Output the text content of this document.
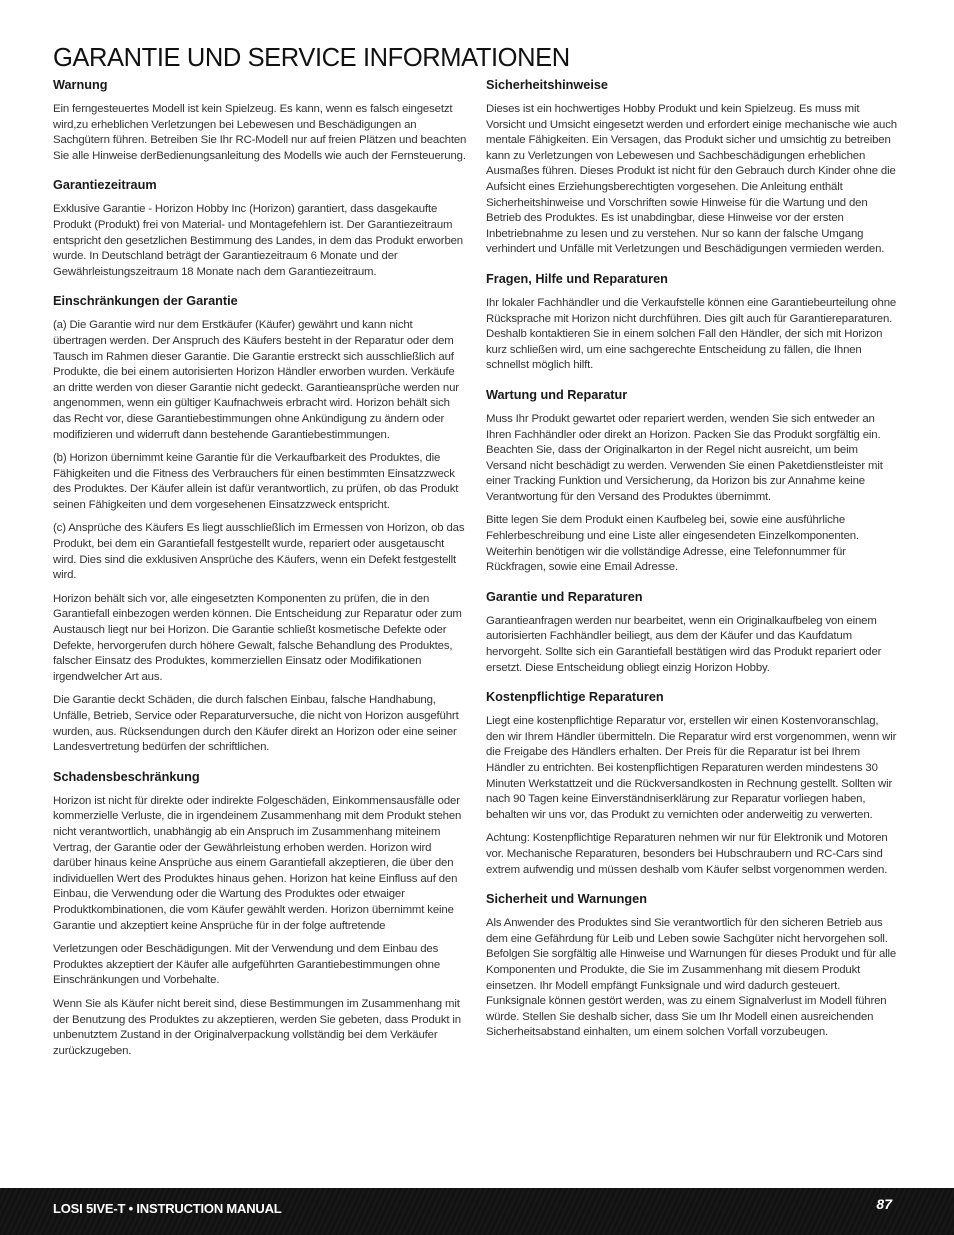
GARANTIE UND SERVICE INFORMATIONEN
Warnung

Ein ferngesteuertes Modell ist kein Spielzeug. Es kann, wenn es falsch eingesetzt wird,zu erheblichen Verletzungen bei Lebewesen und Beschädigungen an Sachgütern führen. Betreiben Sie Ihr RC-Modell nur auf freien Plätzen und beachten Sie alle Hinweise derBedienungsanleitung des Modells wie auch der Fernsteuerung.

Garantiezeitraum

Exklusive Garantie - Horizon Hobby Inc (Horizon) garantiert, dass dasgekaufte Produkt (Produkt) frei von Material- und Montagefehlern ist. Der Garantiezeitraum entspricht den gesetzlichen Bestimmung des Landes, in dem das Produkt erworben wurde. In Deutschland beträgt der Garantiezeitraum 6 Monate und der Gewährleistungszeitraum 18 Monate nach dem Garantiezeitraum.

Einschränkungen der Garantie

(a) Die Garantie wird nur dem Erstkäufer (Käufer) gewährt und kann nicht übertragen werden. Der Anspruch des Käufers besteht in der Reparatur oder dem Tausch im Rahmen dieser Garantie. Die Garantie erstreckt sich ausschließlich auf Produkte, die bei einem autorisierten Horizon Händler erworben wurden. Verkäufe an dritte werden von dieser Garantie nicht gedeckt. Garantieansprüche werden nur angenommen, wenn ein gültiger Kaufnachweis erbracht wird. Horizon behält sich das Recht vor, diese Garantiebestimmungen ohne Ankündigung zu ändern oder modifizieren und widerruft dann bestehende Garantiebestimmungen.

(b) Horizon übernimmt keine Garantie für die Verkaufbarkeit des Produktes, die Fähigkeiten und die Fitness des Verbrauchers für einen bestimmten Einsatzzweck des Produktes. Der Käufer allein ist dafür verantwortlich, zu prüfen, ob das Produkt seinen Fähigkeiten und dem vorgesehenen Einsatzzweck entspricht.

(c) Ansprüche des Käufers Es liegt ausschließlich im Ermessen von Horizon, ob das Produkt, bei dem ein Garantiefall festgestellt wurde, repariert oder ausgetauscht wird. Dies sind die exklusiven Ansprüche des Käufers, wenn ein Defekt festgestellt wird.

Horizon behält sich vor, alle eingesetzten Komponenten zu prüfen, die in den Garantiefall einbezogen werden können. Die Entscheidung zur Reparatur oder zum Austausch liegt nur bei Horizon. Die Garantie schließt kosmetische Defekte oder Defekte, hervorgerufen durch höhere Gewalt, falsche Behandlung des Produktes, falscher Einsatz des Produktes, kommerziellen Einsatz oder Modifikationen irgendwelcher Art aus.

Die Garantie deckt Schäden, die durch falschen Einbau, falsche Handhabung, Unfälle, Betrieb, Service oder Reparaturversuche, die nicht von Horizon ausgeführt wurden, aus. Rücksendungen durch den Käufer direkt an Horizon oder eine seiner Landesvertretung bedürfen der schriftlichen.

Schadensbeschränkung

Horizon ist nicht für direkte oder indirekte Folgeschäden, Einkommensausfälle oder kommerzielle Verluste, die in irgendeinem Zusammenhang mit dem Produkt stehen nicht verantwortlich, unabhängig ab ein Anspruch im Zusammenhang miteinem Vertrag, der Garantie oder der Gewährleistung erhoben werden. Horizon wird darüber hinaus keine Ansprüche aus einem Garantiefall akzeptieren, die über den individuellen Wert des Produktes hinaus gehen. Horizon hat keine Einfluss auf den Einbau, die Verwendung oder die Wartung des Produktes oder etwaiger Produktkombinationen, die vom Käufer gewählt werden. Horizon übernimmt keine Garantie und akzeptiert keine Ansprüche für in der folge auftretende

Verletzungen oder Beschädigungen. Mit der Verwendung und dem Einbau des Produktes akzeptiert der Käufer alle aufgeführten Garantiebestimmungen ohne Einschränkungen und Vorbehalte.

Wenn Sie als Käufer nicht bereit sind, diese Bestimmungen im Zusammenhang mit der Benutzung des Produktes zu akzeptieren, werden Sie gebeten, dass Produkt in unbenutztem Zustand in der Originalverpackung vollständig bei dem Verkäufer zurückzugeben.

Sicherheitshinweise

Dieses ist ein hochwertiges Hobby Produkt und kein Spielzeug. Es muss mit Vorsicht und Umsicht eingesetzt werden und erfordert einige mechanische wie auch mentale Fähigkeiten. Ein Versagen, das Produkt sicher und umsichtig zu betreiben kann zu Verletzungen von Lebewesen und Sachbeschädigungen erheblichen Ausmaßes führen. Dieses Produkt ist nicht für den Gebrauch durch Kinder ohne die Aufsicht eines Erziehungsberechtigten vorgesehen. Die Anleitung enthält Sicherheitshinweise und Vorschriften sowie Hinweise für die Wartung und den Betrieb des Produktes. Es ist unabdingbar, diese Hinweise vor der ersten Inbetriebnahme zu lesen und zu verstehen. Nur so kann der falsche Umgang verhindert und Unfälle mit Verletzungen und Beschädigungen vermieden werden.

Fragen, Hilfe und Reparaturen

Ihr lokaler Fachhändler und die Verkaufstelle können eine Garantiebeurteilung ohne Rücksprache mit Horizon nicht durchführen. Dies gilt auch für Garantiereparaturen. Deshalb kontaktieren Sie in einem solchen Fall den Händler, der sich mit Horizon kurz schließen wird, um eine sachgerechte Entscheidung zu fällen, die Ihnen schnellst möglich hilft.

Wartung und Reparatur

Muss Ihr Produkt gewartet oder repariert werden, wenden Sie sich entweder an Ihren Fachhändler oder direkt an Horizon. Packen Sie das Produkt sorgfältig ein. Beachten Sie, dass der Originalkarton in der Regel nicht ausreicht, um beim Versand nicht beschädigt zu werden. Verwenden Sie einen Paketdienstleister mit einer Tracking Funktion und Versicherung, da Horizon bis zur Annahme keine Verantwortung für den Versand des Produktes übernimmt.

Bitte legen Sie dem Produkt einen Kaufbeleg bei, sowie eine ausführliche Fehlerbeschreibung und eine Liste aller eingesendeten Einzelkomponenten. Weiterhin benötigen wir die vollständige Adresse, eine Telefonnummer für Rückfragen, sowie eine Email Adresse.

Garantie und Reparaturen

Garantieanfragen werden nur bearbeitet, wenn ein Originalkaufbeleg von einem autorisierten Fachhändler beiliegt, aus dem der Käufer und das Kaufdatum hervorgeht. Sollte sich ein Garantiefall bestätigen wird das Produkt repariert oder ersetzt. Diese Entscheidung obliegt einzig Horizon Hobby.

Kostenpflichtige Reparaturen

Liegt eine kostenpflichtige Reparatur vor, erstellen wir einen Kostenvoranschlag, den wir Ihrem Händler übermitteln. Die Reparatur wird erst vorgenommen, wenn wir die Freigabe des Händlers erhalten. Der Preis für die Reparatur ist bei Ihrem Händler zu entrichten. Bei kostenpflichtigen Reparaturen werden mindestens 30 Minuten Werkstattzeit und die Rückversandkosten in Rechnung gestellt. Sollten wir nach 90 Tagen keine Einverständniserklärung zur Reparatur vorliegen haben, behalten wir uns vor, das Produkt zu vernichten oder anderweitig zu verwerten.

Achtung: Kostenpflichtige Reparaturen nehmen wir nur für Elektronik und Motoren vor. Mechanische Reparaturen, besonders bei Hubschraubern und RC-Cars sind extrem aufwendig und müssen deshalb vom Käufer selbst vorgenommen werden.

Sicherheit und Warnungen

Als Anwender des Produktes sind Sie verantwortlich für den sicheren Betrieb aus dem eine Gefährdung für Leib und Leben sowie Sachgüter nicht hervorgehen soll. Befolgen Sie sorgfältig alle Hinweise und Warnungen für dieses Produkt und für alle Komponenten und Produkte, die Sie im Zusammenhang mit diesem Produkt einsetzen. Ihr Modell empfängt Funksignale und wird dadurch gesteuert. Funksignale können gestört werden, was zu einem Signalverlust im Modell führen würde. Stellen Sie deshalb sicher, dass Sie um Ihr Modell einen ausreichenden Sicherheitsabstand einhalten, um einem solchen Vorfall vorzubeugen.

LOSI 5IVE-T • INSTRUCTION MANUAL	87
